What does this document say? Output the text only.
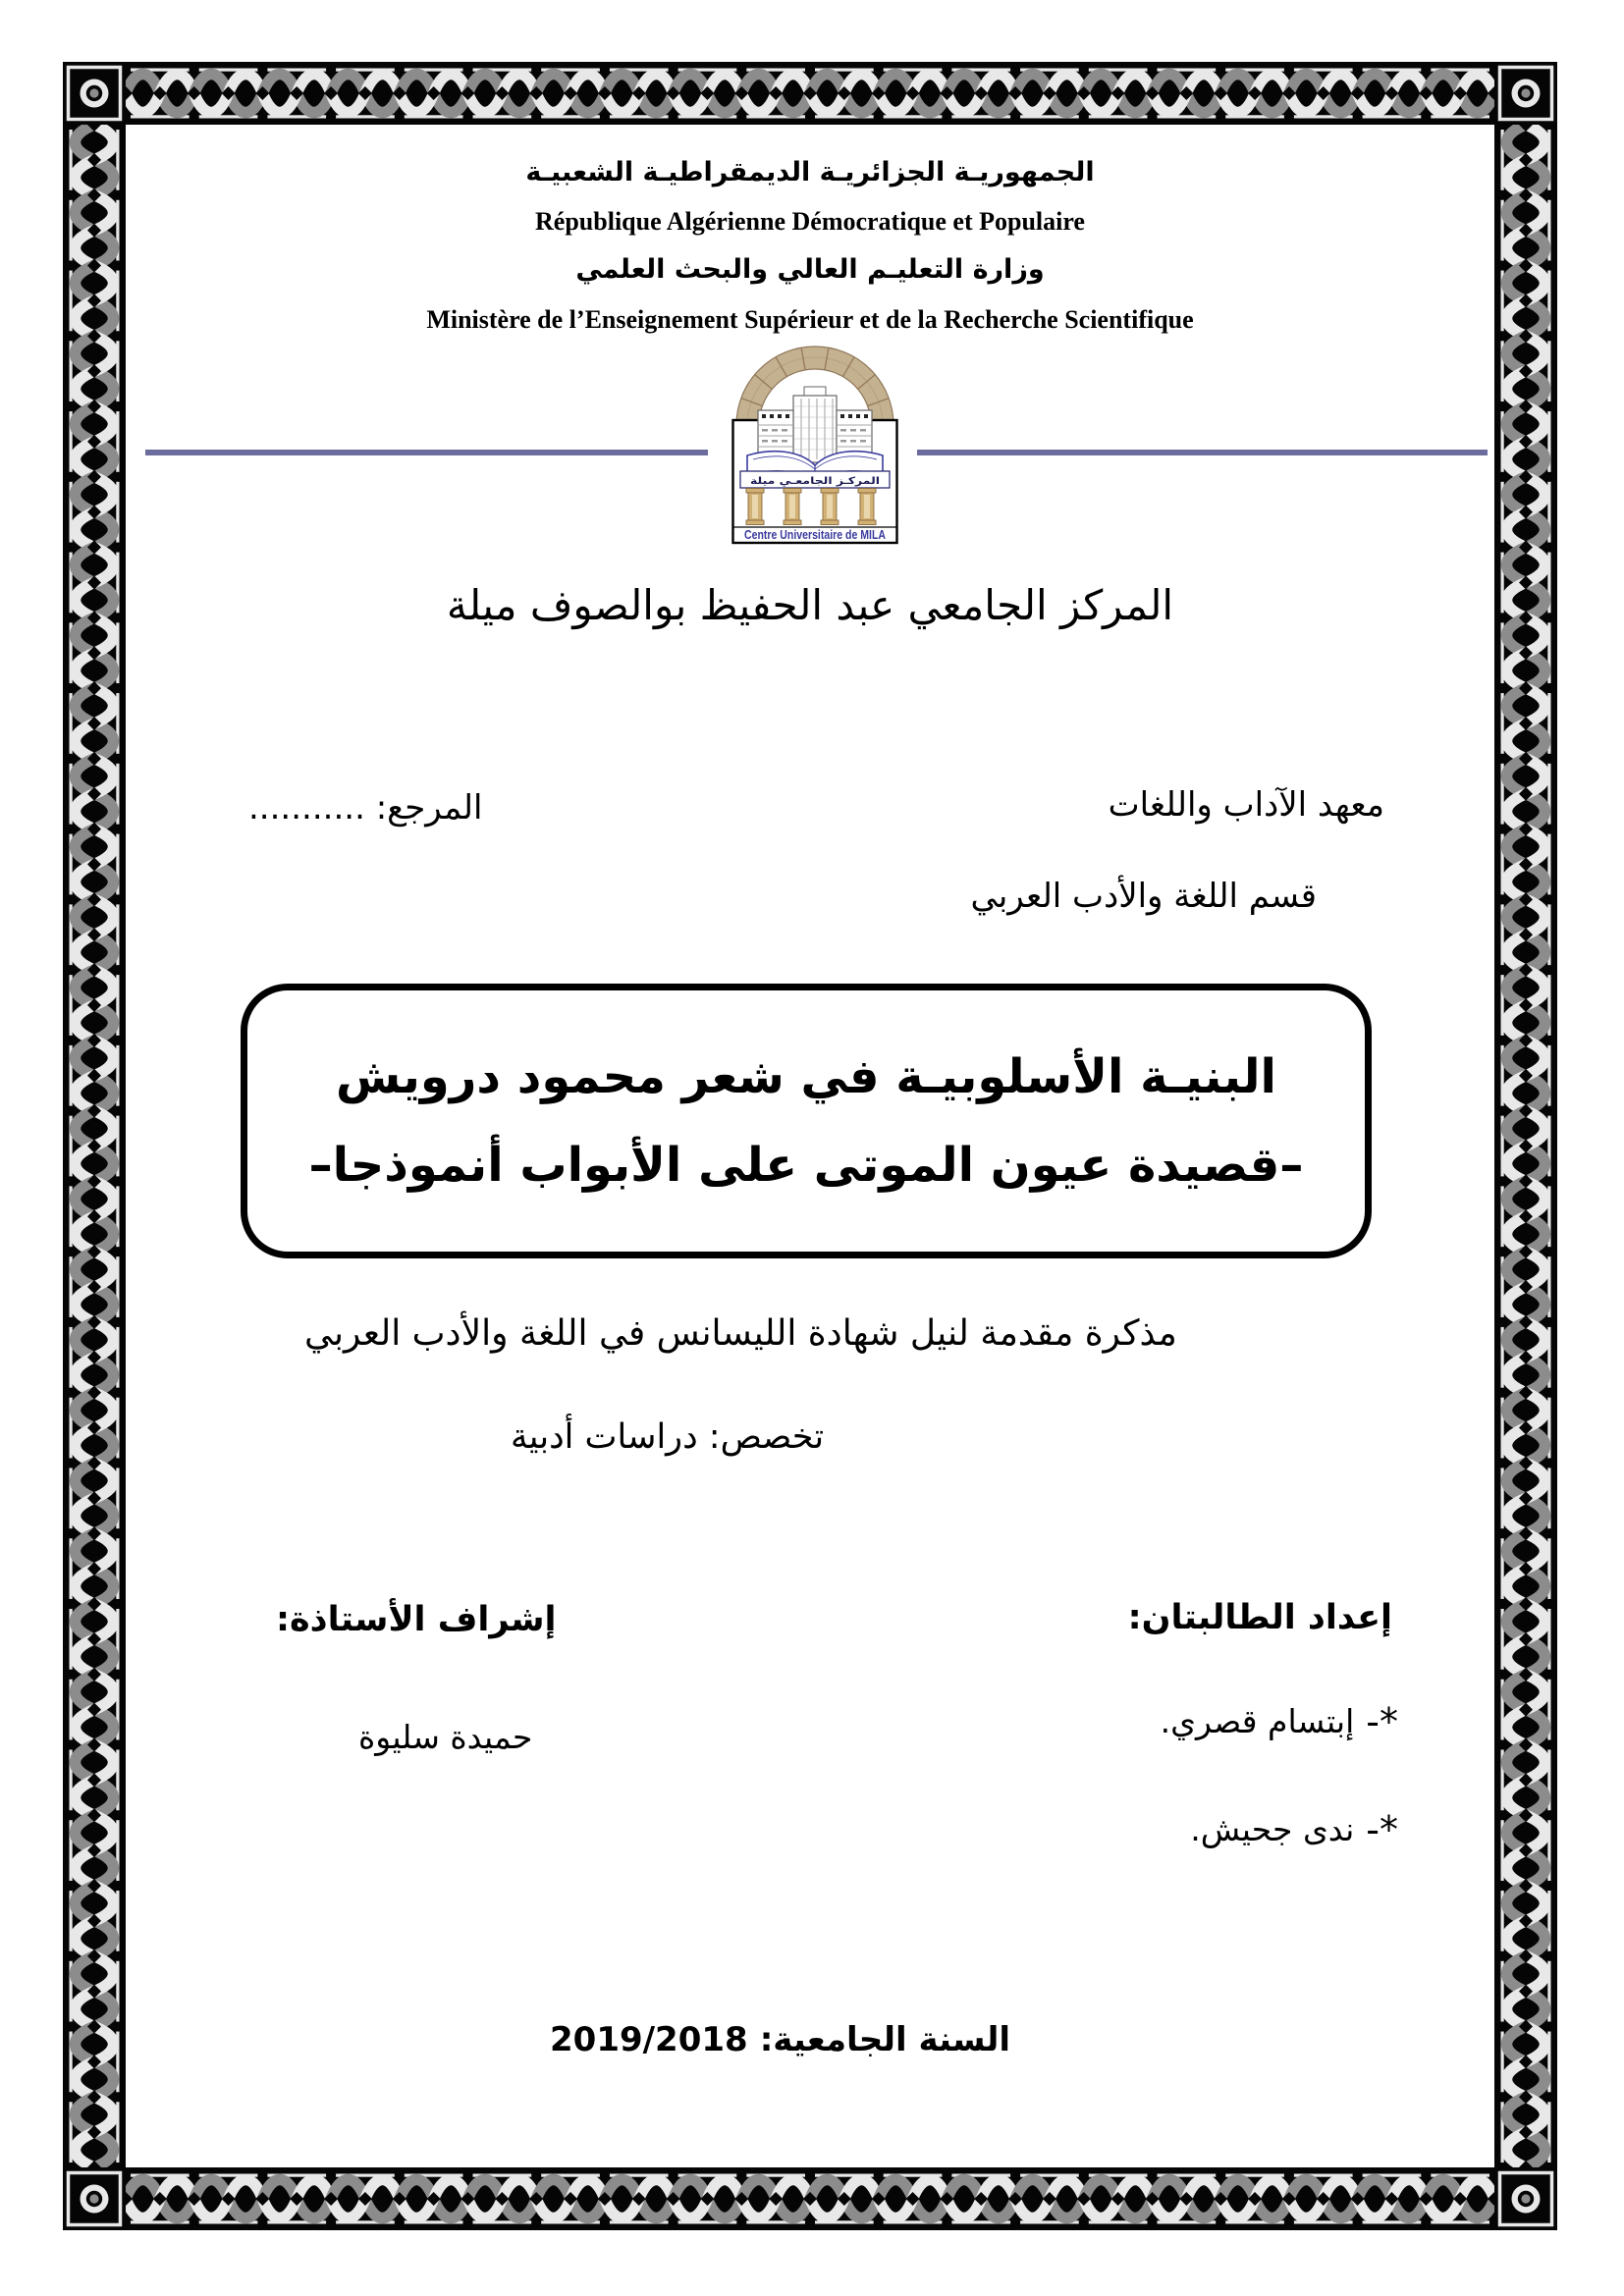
الجمهوريـة الجزائريـة الديمقراطيـة الشعبيـة
République Algérienne Démocratique et Populaire
وزارة التعليـم العالي والبحث العلمي
Ministère de l’Enseignement Supérieur et de la Recherche Scientifique
المركـز الجامعـي ميلة
Centre Universitaire de MILA
المركز الجامعي عبد الحفيظ بوالصوف ميلة
معهد الآداب واللغات
المرجع: ...........
قسم اللغة والأدب العربي
البنيـة الأسلوبيـة في شعر محمود درويش
–قصيدة عيون الموتى على الأبواب أنموذجا–
مذكرة مقدمة لنيل شهادة الليسانس في اللغة والأدب العربي
تخصص: دراسات أدبية
إعداد الطالبتان:
إشراف الأستاذة:
*-
إبتسام قصري.
حميدة سليوة
*-
ندى جحيش.
السنة الجامعية:
2019/2018
